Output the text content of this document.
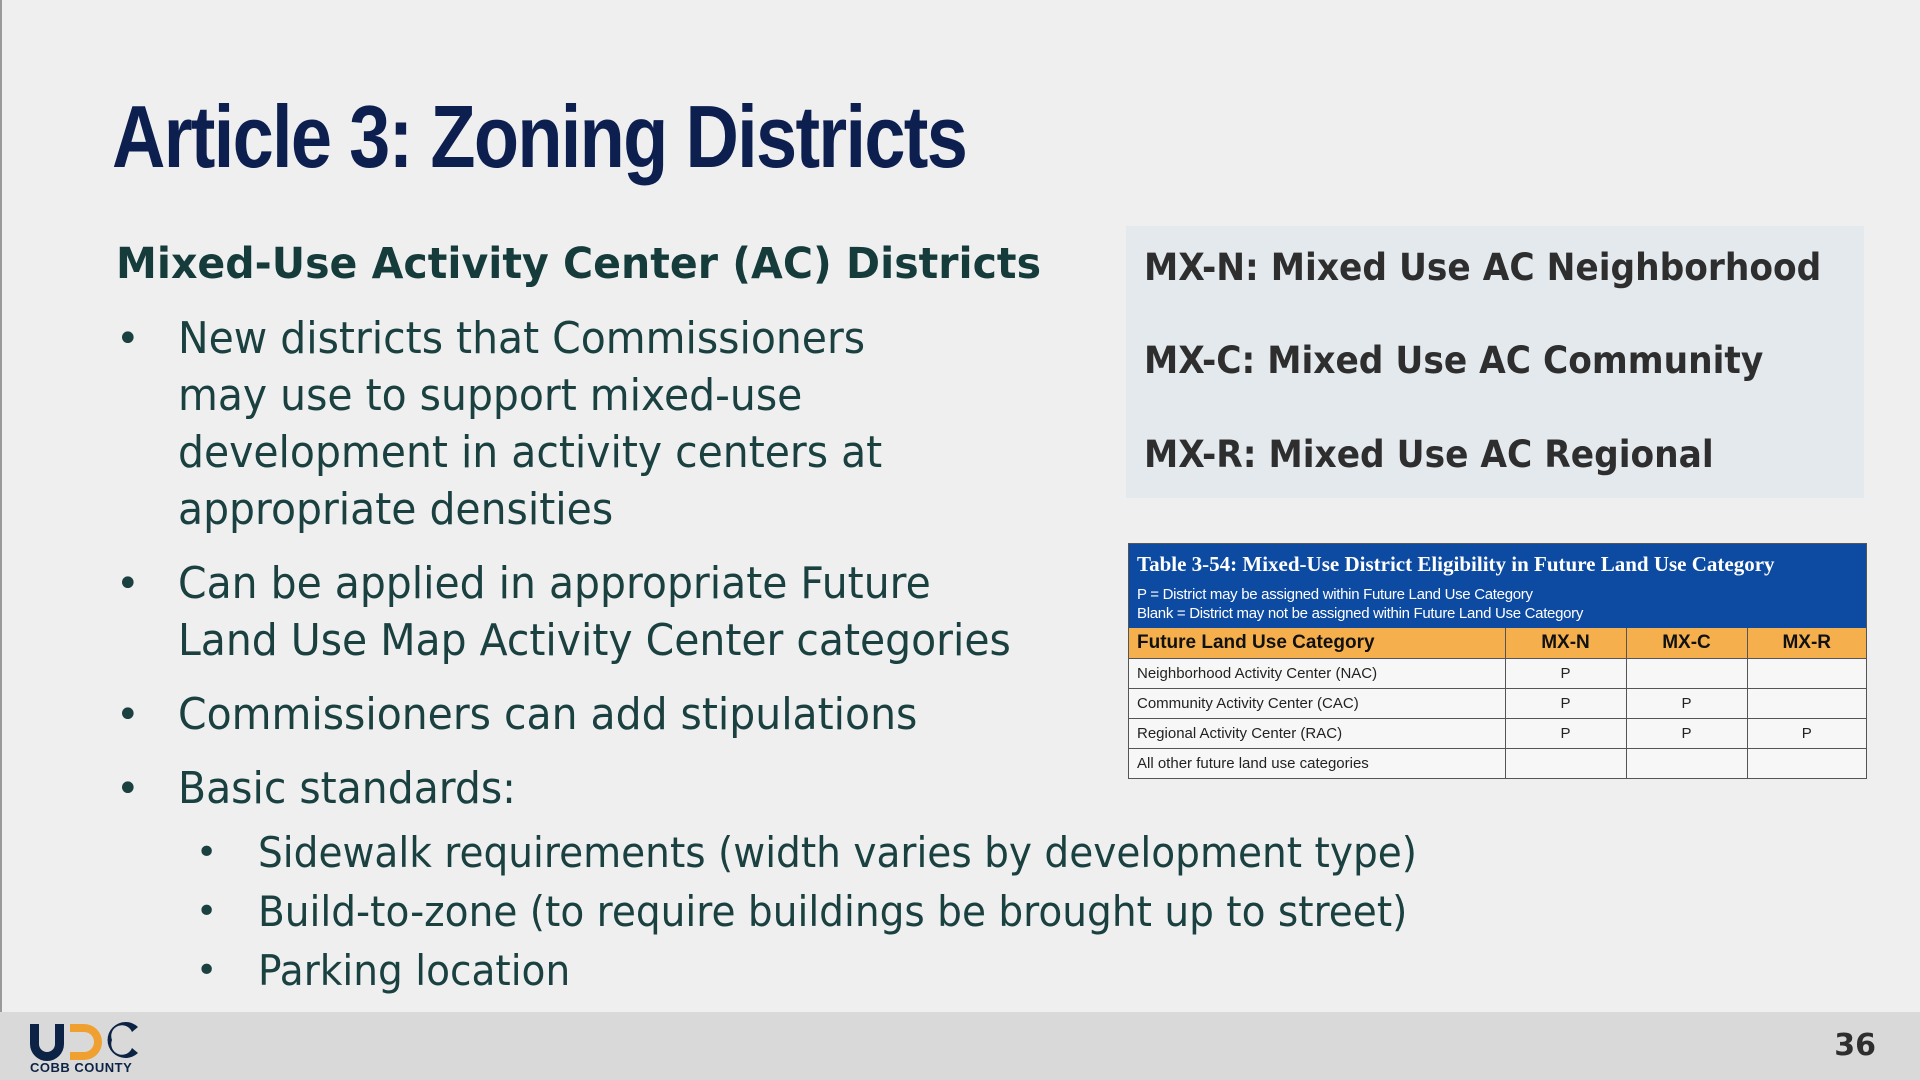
Article 3: Zoning Districts
Mixed-Use Activity Center (AC) Districts
• New districts that Commissioners
may use to support mixed-use
development in activity centers at
appropriate densities
• Can be applied in appropriate Future
Land Use Map Activity Center categories
• Commissioners can add stipulations
• Basic standards:
• Sidewalk requirements (width varies by development type)
• Build-to-zone (to require buildings be brought up to street)
• Parking location
MX-N: Mixed Use AC Neighborhood
MX-C: Mixed Use AC Community
MX-R: Mixed Use AC Regional
Table 3-54: Mixed-Use District Eligibility in Future Land Use Category
P = District may be assigned within Future Land Use Category
Blank = District may not be assigned within Future Land Use Category
Future Land Use Category	MX-N	MX-C	MX-R
Neighborhood Activity Center (NAC)	P		
Community Activity Center (CAC)	P	P	
Regional Activity Center (RAC)	P	P	P
All other future land use categories			
COBB COUNTY
36
